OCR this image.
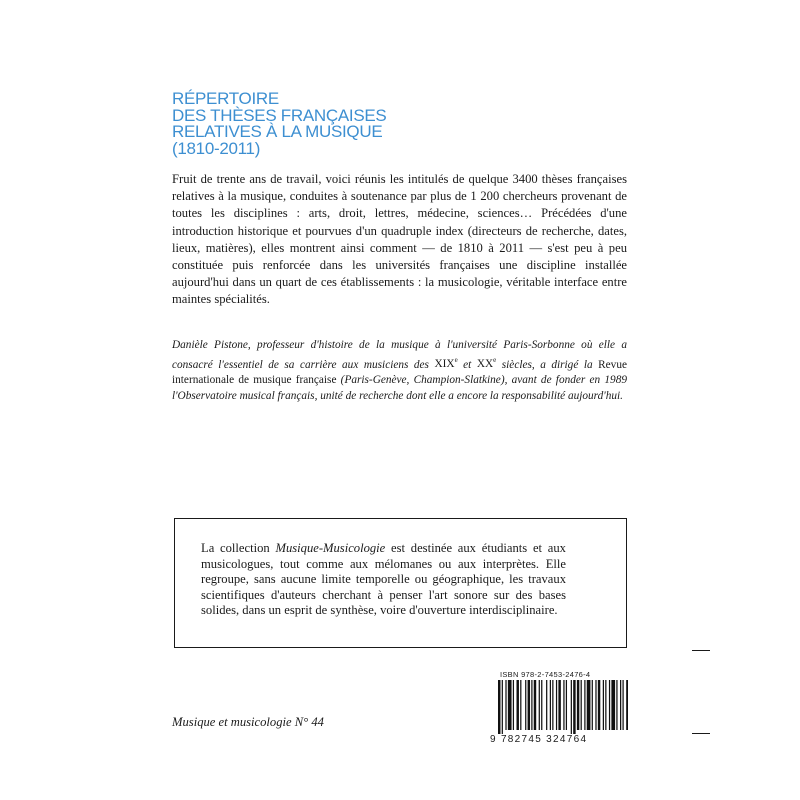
RÉPERTOIRE
DES THÈSES FRANÇAISES
RELATIVES À LA MUSIQUE
(1810-2011)

Fruit de trente ans de travail, voici réunis les intitulés de quelque 3400 thèses françaises relatives à la musique, conduites à soutenance par plus de 1 200 chercheurs provenant de toutes les disciplines : arts, droit, lettres, médecine, sciences… Précédées d'une introduction historique et pourvues d'un quadruple index (directeurs de recherche, dates, lieux, matières), elles montrent ainsi comment — de 1810 à 2011 — s'est peu à peu constituée puis renforcée dans les universités françaises une discipline installée aujourd'hui dans un quart de ces établissements : la musicologie, véritable interface entre maintes spécialités.

Danièle Pistone, professeur d'histoire de la musique à l'université Paris-Sorbonne où elle a consacré l'essentiel de sa carrière aux musiciens des XIXe et XXe siècles, a dirigé la Revue internationale de musique française (Paris-Genève, Champion-Slatkine), avant de fonder en 1989 l'Observatoire musical français, unité de recherche dont elle a encore la responsabilité aujourd'hui.

La collection Musique-Musicologie est destinée aux étudiants et aux musicologues, tout comme aux mélomanes ou aux interprètes. Elle regroupe, sans aucune limite temporelle ou géographique, les travaux scientifiques d'auteurs cherchant à penser l'art sonore sur des bases solides, dans un esprit de synthèse, voire d'ouverture interdisciplinaire.

Musique et musicologie N° 44
ISBN 978-2-7453-2476-4
9 782745 324764
